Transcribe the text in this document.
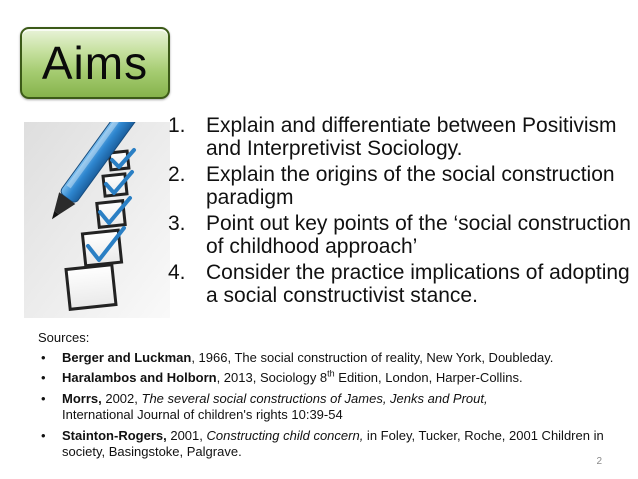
Aims
1. Explain and differentiate between Positivism and Interpretivist Sociology.
2. Explain the origins of the social construction paradigm
3. Point out key points of the ‘social construction of childhood approach’
4. Consider the practice implications of adopting a social constructivist stance.
Sources:
• Berger and Luckman, 1966, The social construction of reality, New York, Doubleday.
• Haralambos and Holborn, 2013, Sociology 8th Edition, London, Harper-Collins.
• Morrs, 2002, The several social constructions of James, Jenks and Prout,
International Journal of children's rights 10:39-54
• Stainton-Rogers, 2001, Constructing child concern, in Foley, Tucker, Roche, 2001 Children in society, Basingstoke, Palgrave.
2
